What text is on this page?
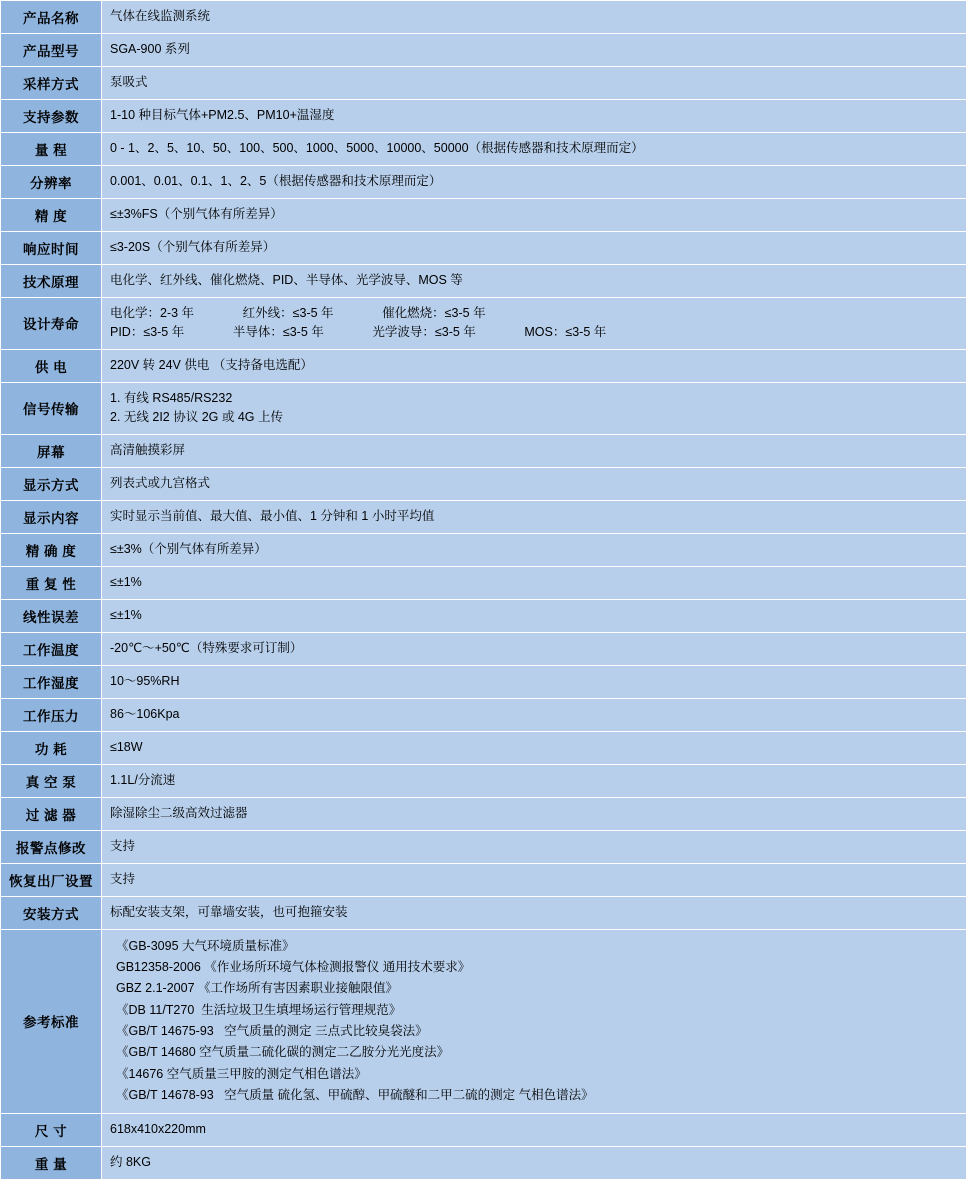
产品名称	气体在线监测系统
产品型号	SGA-900 系列
采样方式	泵吸式
支持参数	1-10 种目标气体+PM2.5、PM10+温湿度
量 程	0 - 1、2、5、10、50、100、500、1000、5000、10000、50000（根据传感器和技术原理而定）
分辨率	0.001、0.01、0.1、1、2、5（根据传感器和技术原理而定）
精 度	≤±3%FS（个别气体有所差异）
响应时间	≤3-20S（个别气体有所差异）
技术原理	电化学、红外线、催化燃烧、PID、半导体、光学波导、MOS 等
设计寿命	电化学：2-3 年              红外线：≤3-5 年              催化燃烧：≤3-5 年
PID：≤3-5 年              半导体：≤3-5 年              光学波导：≤3-5 年              MOS：≤3-5 年

供 电	220V 转 24V 供电 （支持备电选配）
信号传输	1. 有线 RS485/RS232
2. 无线 2I2 协议 2G 或 4G 上传

屏幕	高清触摸彩屏
显示方式	列表式或九宫格式
显示内容	实时显示当前值、最大值、最小值、1 分钟和 1 小时平均值
精 确 度	≤±3%（个别气体有所差异）
重 复 性	≤±1%
线性误差	≤±1%
工作温度	-20℃～+50℃（特殊要求可订制）
工作湿度	10～95%RH
工作压力	86～106Kpa
功 耗	≤18W
真 空 泵	1.1L/分流速
过 滤 器	除湿除尘二级高效过滤器
报警点修改	支持
恢复出厂设置	支持
安装方式	标配安装支架，可靠墙安装，也可抱箍安装
参考标准	
《GB-3095 大气环境质量标准》
GB12358-2006 《作业场所环境气体检测报警仪 通用技术要求》
GBZ 2.1-2007 《工作场所有害因素职业接触限值》
《DB 11/T270  生活垃圾卫生填埋场运行管理规范》
《GB/T 14675-93   空气质量的测定 三点式比较臭袋法》
《GB/T 14680 空气质量二硫化碳的测定二乙胺分光光度法》
《14676 空气质量三甲胺的测定气相色谱法》
《GB/T 14678-93   空气质量 硫化氢、甲硫醇、甲硫醚和二甲二硫的测定 气相色谱法》

尺 寸	618x410x220mm
重 量	约 8KG
